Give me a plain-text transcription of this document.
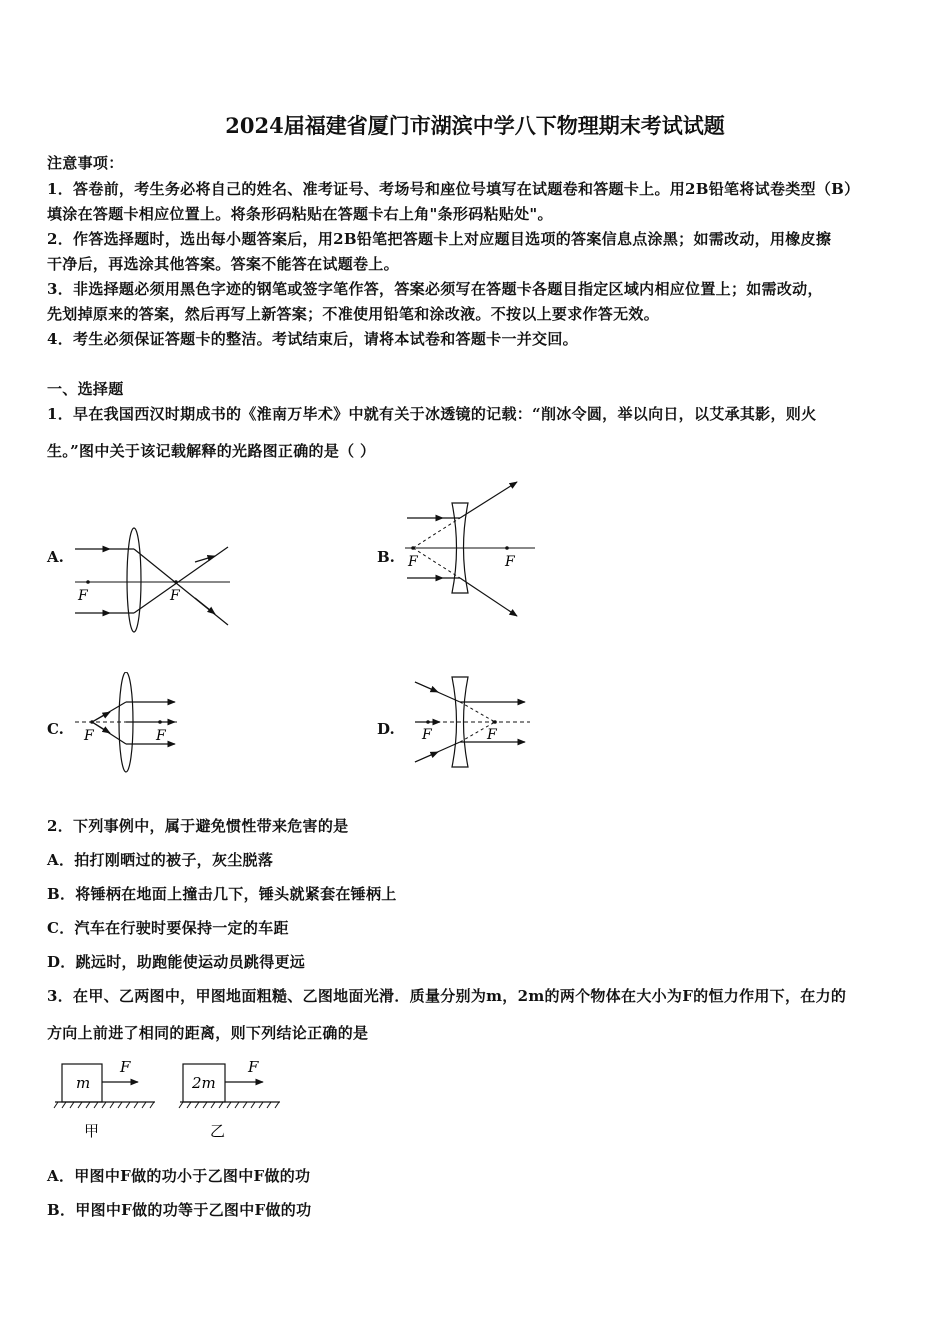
2024届福建省厦门市湖滨中学八下物理期末考试试题
注意事项：
1．答卷前，考生务必将自己的姓名、准考证号、考场号和座位号填写在试题卷和答题卡上。用2B铅笔将试卷类型（B）
填涂在答题卡相应位置上。将条形码粘贴在答题卡右上角"条形码粘贴处"。
2．作答选择题时，选出每小题答案后，用2B铅笔把答题卡上对应题目选项的答案信息点涂黑；如需改动，用橡皮擦
干净后，再选涂其他答案。答案不能答在试题卷上。
3．非选择题必须用黑色字迹的钢笔或签字笔作答，答案必须写在答题卡各题目指定区域内相应位置上；如需改动，
先划掉原来的答案，然后再写上新答案；不准使用铅笔和涂改液。不按以上要求作答无效。
4．考生必须保证答题卡的整洁。考试结束后，请将本试卷和答题卡一并交回。
一、选择题
1．早在我国西汉时期成书的《淮南万毕术》中就有关于冰透镜的记载：“削冰令圆，举以向日，以艾承其影，则火
生。”图中关于该记载解释的光路图正确的是（ ）
A.	B.
C.	D.
F	F
F	F
F	F	F	F
2．下列事例中，属于避免惯性带来危害的是
A．拍打刚晒过的被子，灰尘脱落
B．将锤柄在地面上撞击几下，锤头就紧套在锤柄上
C．汽车在行驶时要保持一定的车距
D．跳远时，助跑能使运动员跳得更远
3．在甲、乙两图中，甲图地面粗糙、乙图地面光滑．质量分别为m，2m的两个物体在大小为F的恒力作用下，在力的
方向上前进了相同的距离，则下列结论正确的是
m
F
甲
2m
F
乙
A．甲图中F做的功小于乙图中F做的功
B．甲图中F做的功等于乙图中F做的功
